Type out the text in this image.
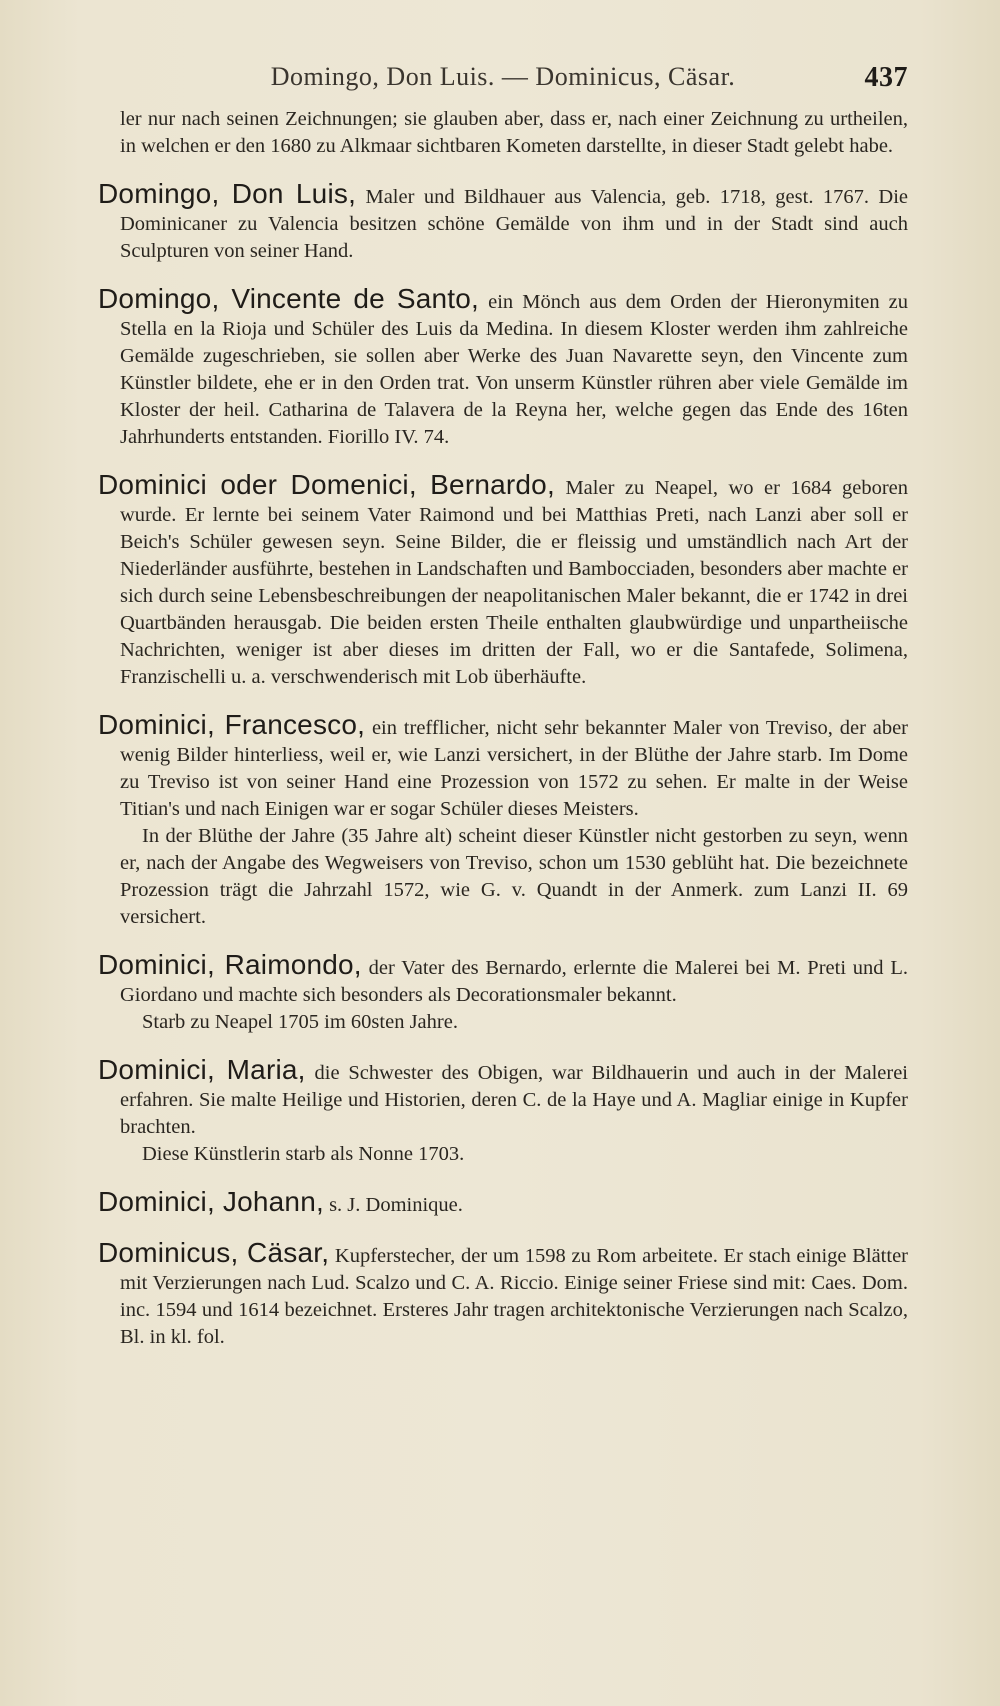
Domingo, Don Luis. — Dominicus, Cäsar.	437

ler nur nach seinen Zeichnungen; sie glauben aber, dass er, nach einer Zeichnung zu urtheilen, in welchen er den 1680 zu Alkmaar sichtbaren Kometen darstellte, in dieser Stadt gelebt habe.

Domingo, Don Luis, Maler und Bildhauer aus Valencia, geb. 1718, gest. 1767. Die Dominicaner zu Valencia besitzen schöne Gemälde von ihm und in der Stadt sind auch Sculpturen von seiner Hand.
Domingo, Vincente de Santo, ein Mönch aus dem Orden der Hieronymiten zu Stella en la Rioja und Schüler des Luis da Medina. In diesem Kloster werden ihm zahlreiche Gemälde zugeschrieben, sie sollen aber Werke des Juan Navarette seyn, den Vincente zum Künstler bildete, ehe er in den Orden trat. Von unserm Künstler rühren aber viele Gemälde im Kloster der heil. Catharina de Talavera de la Reyna her, welche gegen das Ende des 16ten Jahrhunderts entstanden. Fiorillo IV. 74.
Dominici oder Domenici, Bernardo, Maler zu Neapel, wo er 1684 geboren wurde. Er lernte bei seinem Vater Raimond und bei Matthias Preti, nach Lanzi aber soll er Beich's Schüler gewesen seyn. Seine Bilder, die er fleissig und umständlich nach Art der Niederländer ausführte, bestehen in Landschaften und Bambocciaden, besonders aber machte er sich durch seine Lebensbeschreibungen der neapolitanischen Maler bekannt, die er 1742 in drei Quartbänden herausgab. Die beiden ersten Theile enthalten glaubwürdige und unpartheiische Nachrichten, weniger ist aber dieses im dritten der Fall, wo er die Santafede, Solimena, Franzischelli u. a. verschwenderisch mit Lob überhäufte.
Dominici, Francesco, ein trefflicher, nicht sehr bekannter Maler von Treviso, der aber wenig Bilder hinterliess, weil er, wie Lanzi versichert, in der Blüthe der Jahre starb. Im Dome zu Treviso ist von seiner Hand eine Prozession von 1572 zu sehen. Er malte in der Weise Titian's und nach Einigen war er sogar Schüler dieses Meisters.
In der Blüthe der Jahre (35 Jahre alt) scheint dieser Künstler nicht gestorben zu seyn, wenn er, nach der Angabe des Wegweisers von Treviso, schon um 1530 geblüht hat. Die bezeichnete Prozession trägt die Jahrzahl 1572, wie G. v. Quandt in der Anmerk. zum Lanzi II. 69 versichert.
Dominici, Raimondo, der Vater des Bernardo, erlernte die Malerei bei M. Preti und L. Giordano und machte sich besonders als Decorationsmaler bekannt.
Starb zu Neapel 1705 im 60sten Jahre.
Dominici, Maria, die Schwester des Obigen, war Bildhauerin und auch in der Malerei erfahren. Sie malte Heilige und Historien, deren C. de la Haye und A. Magliar einige in Kupfer brachten.
Diese Künstlerin starb als Nonne 1703.
Dominici, Johann, s. J. Dominique.
Dominicus, Cäsar, Kupferstecher, der um 1598 zu Rom arbeitete. Er stach einige Blätter mit Verzierungen nach Lud. Scalzo und C. A. Riccio. Einige seiner Friese sind mit: Caes. Dom. inc. 1594 und 1614 bezeichnet. Ersteres Jahr tragen architektonische Verzierungen nach Scalzo, Bl. in kl. fol.
